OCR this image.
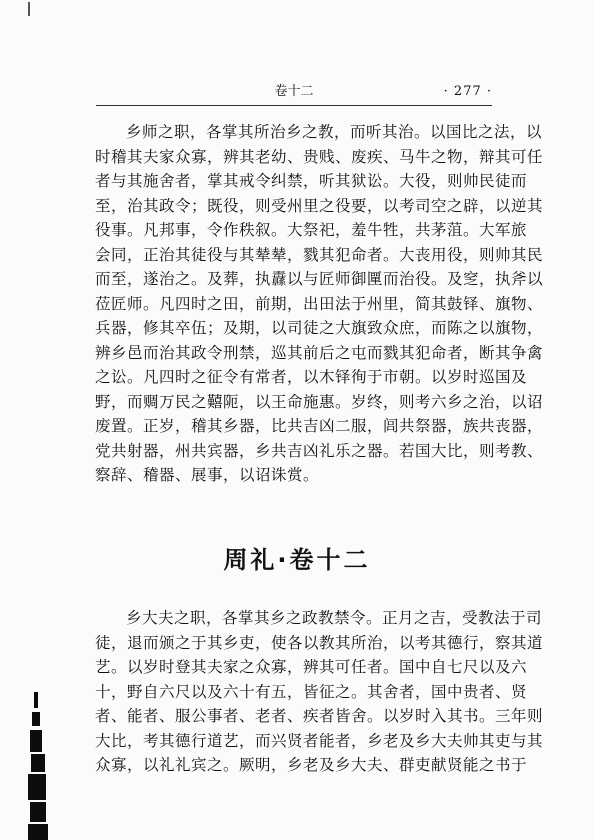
卷十二	· 277 ·
乡师之职，各掌其所治乡之教，而听其治。以国比之法，以
时稽其夫家众寡，辨其老幼、贵贱、废疾、马牛之物，辩其可任
者与其施舍者，掌其戒令纠禁，听其狱讼。大役，则帅民徒而
至，治其政令；既役，则受州里之役要，以考司空之辟，以逆其
役事。凡邦事，令作秩叙。大祭祀，羞牛牲，共茅菹。大军旅
会同，正治其徒役与其辇辇，戮其犯命者。大丧用役，则帅其民
而至，遂治之。及葬，执纛以与匠师御匰而治役。及窆，执斧以
莅匠师。凡四时之田，前期，出田法于州里，简其鼓铎、旗物、
兵器，修其卒伍；及期，以司徒之大旗致众庶，而陈之以旗物，
辨乡邑而治其政令刑禁，巡其前后之屯而戮其犯命者，断其争禽
之讼。凡四时之征令有常者，以木铎徇于市朝。以岁时巡国及
野，而赒万民之囏阨，以王命施惠。岁终，则考六乡之治，以诏
废置。正岁，稽其乡器，比共吉凶二服，闾共祭器，族共丧器，
党共射器，州共宾器，乡共吉凶礼乐之器。若国大比，则考教、
察辞、稽器、展事，以诏诛赏。
周礼·卷十二
乡大夫之职，各掌其乡之政教禁令。正月之吉，受教法于司
徒，退而颁之于其乡吏，使各以教其所治，以考其德行，察其道
艺。以岁时登其夫家之众寡，辨其可任者。国中自七尺以及六
十，野自六尺以及六十有五，皆征之。其舍者，国中贵者、贤
者、能者、服公事者、老者、疾者皆舍。以岁时入其书。三年则
大比，考其德行道艺，而兴贤者能者，乡老及乡大夫帅其吏与其
众寡，以礼礼宾之。厥明，乡老及乡大夫、群吏献贤能之书于
